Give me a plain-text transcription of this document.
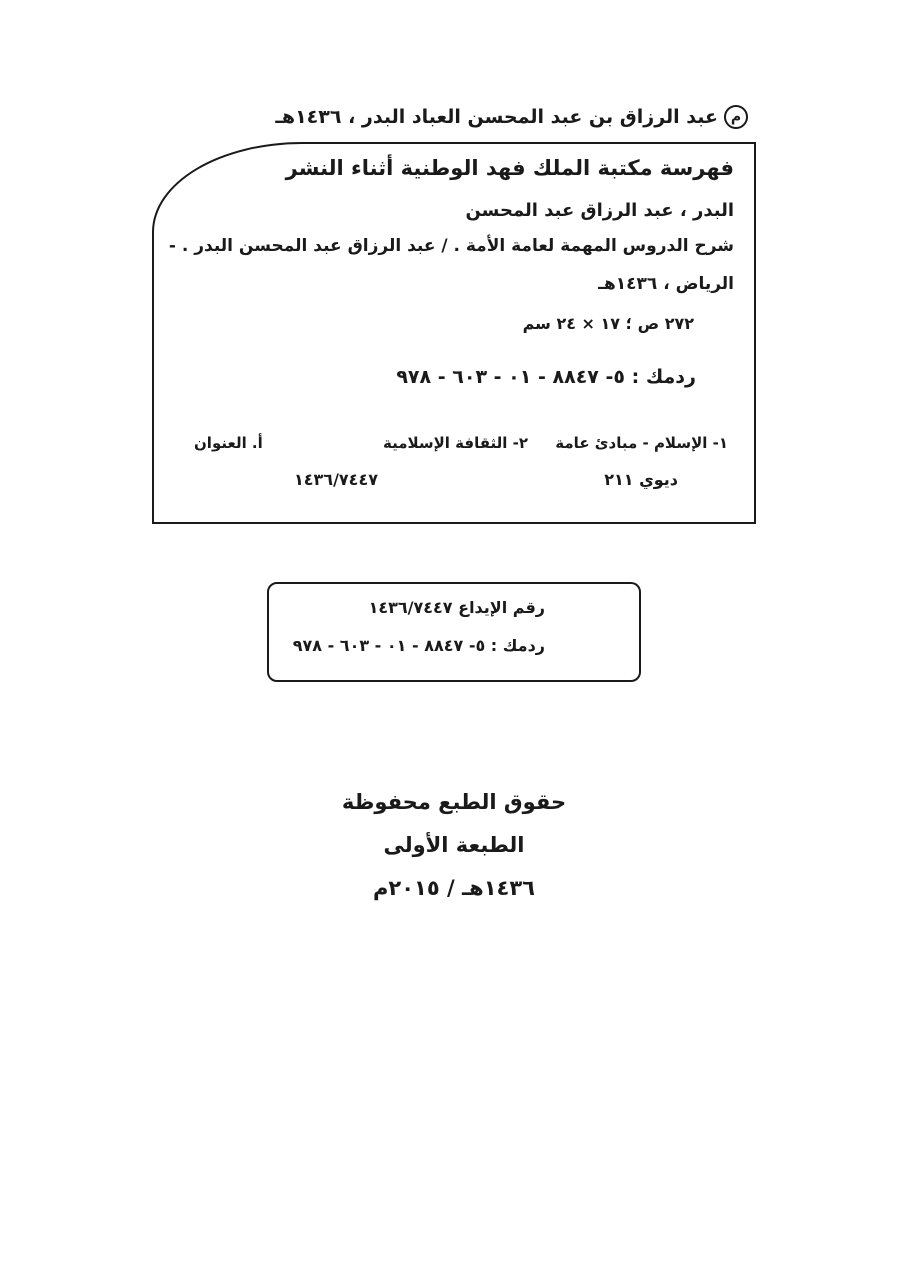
م
عبد الرزاق بن عبد المحسن العباد البدر ، ١٤٣٦هـ
فهرسة مكتبة الملك فهد الوطنية أثناء النشر
البدر ، عبد الرزاق عبد المحسن
شرح الدروس المهمة لعامة الأمة . / عبد الرزاق عبد المحسن البدر . -
الرياض ، ١٤٣٦هـ
٢٧٢ ص ؛ ١٧ × ٢٤ سم
ردمك : ٥- ٨٨٤٧ - ٠١ - ٦٠٣ - ٩٧٨
١- الإسلام - مبادئ عامة
٢- الثقافة الإسلامية
أ. العنوان
ديوي ٢١١
١٤٣٦/٧٤٤٧
رقم الإيداع ١٤٣٦/٧٤٤٧
ردمك : ٥- ٨٨٤٧ - ٠١ - ٦٠٣ - ٩٧٨
حقوق الطبع محفوظة
الطبعة الأولى
١٤٣٦هـ / ٢٠١٥م
